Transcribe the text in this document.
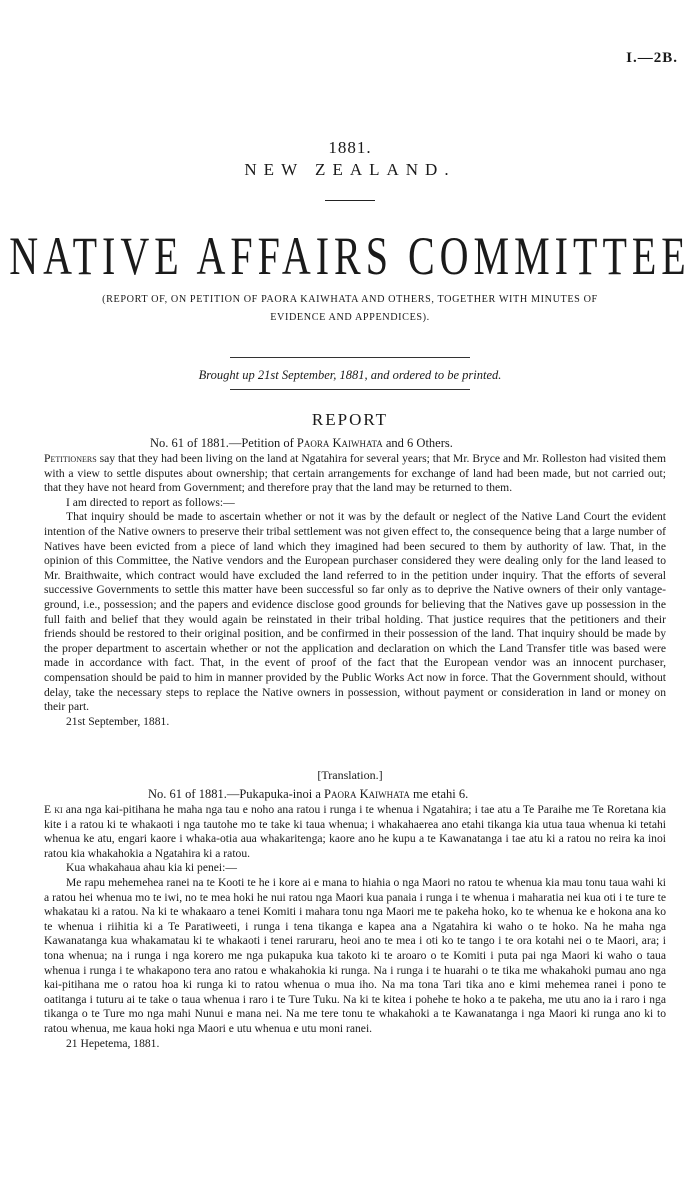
I.—2B.
1881.
NEW ZEALAND.
NATIVE AFFAIRS COMMITTEE
(REPORT OF, ON PETITION OF PAORA KAIWHATA AND OTHERS, TOGETHER WITH MINUTES OF
EVIDENCE AND APPENDICES).
Brought up 21st September, 1881, and ordered to be printed.
REPORT
No. 61 of 1881.—Petition of Paora Kaiwhata and 6 Others.

Petitioners say that they had been living on the land at Ngatahira for several years; that Mr. Bryce and Mr. Rolleston had visited them with a view to settle disputes about ownership; that certain arrangements for exchange of land had been made, but not carried out; that they have not heard from Government; and therefore pray that the land may be returned to them.

I am directed to report as follows:—

That inquiry should be made to ascertain whether or not it was by the default or neglect of the Native Land Court the evident intention of the Native owners to preserve their tribal settlement was not given effect to, the consequence being that a large number of Natives have been evicted from a piece of land which they imagined had been secured to them by authority of law. That, in the opinion of this Committee, the Native vendors and the European purchaser considered they were dealing only for the land leased to Mr. Braithwaite, which contract would have excluded the land referred to in the petition under inquiry. That the efforts of several successive Governments to settle this matter have been successful so far only as to deprive the Native owners of their only vantage-ground, i.e., possession; and the papers and evidence disclose good grounds for believing that the Natives gave up possession in the full faith and belief that they would again be reinstated in their tribal holding. That justice requires that the petitioners and their friends should be restored to their original position, and be confirmed in their possession of the land. That inquiry should be made by the proper department to ascertain whether or not the application and declaration on which the Land Transfer title was based were made in accordance with fact. That, in the event of proof of the fact that the European vendor was an innocent purchaser, compensation should be paid to him in manner provided by the Public Works Act now in force. That the Government should, without delay, take the necessary steps to replace the Native owners in possession, without payment or consideration in land or money on their part.

21st September, 1881.

[Translation.]
No. 61 of 1881.—Pukapuka-inoi a Paora Kaiwhata me etahi 6.

E ki ana nga kai-pitihana he maha nga tau e noho ana ratou i runga i te whenua i Ngatahira; i tae atu a Te Paraihe me Te Roretana kia kite i a ratou ki te whakaoti i nga tautohe mo te take ki taua whenua; i whakahaerea ano etahi tikanga kia utua taua whenua ki tetahi whenua ke atu, engari kaore i whaka-otia aua whakaritenga; kaore ano he kupu a te Kawanatanga i tae atu ki a ratou no reira ka inoi ratou kia whakahokia a Ngatahira ki a ratou.

Kua whakahaua ahau kia ki penei:—

Me rapu mehemehea ranei na te Kooti te he i kore ai e mana to hiahia o nga Maori no ratou te whenua kia mau tonu taua wahi ki a ratou hei whenua mo te iwi, no te mea hoki he nui ratou nga Maori kua panaia i runga i te whenua i maharatia nei kua oti i te ture te whakatau ki a ratou. Na ki te whakaaro a tenei Komiti i mahara tonu nga Maori me te pakeha hoko, ko te whenua ke e hokona ana ko te whenua i riihitia ki a Te Paratiweeti, i runga i tena tikanga e kapea ana a Ngatahira ki waho o te hoko. Na he maha nga Kawanatanga kua whakamatau ki te whakaoti i tenei raruraru, heoi ano te mea i oti ko te tango i te ora kotahi nei o te Maori, ara; i tona whenua; na i runga i nga korero me nga pukapuka kua takoto ki te aroaro o te Komiti i puta pai nga Maori ki waho o taua whenua i runga i te whakapono tera ano ratou e whakahokia ki runga. Na i runga i te huarahi o te tika me whakahoki pumau ano nga kai-pitihana me o ratou hoa ki runga ki to ratou whenua o mua iho. Na ma tona Tari tika ano e kimi mehemea ranei i pono te oatitanga i tuturu ai te take o taua whenua i raro i te Ture Tuku. Na ki te kitea i pohehe te hoko a te pakeha, me utu ano ia i raro i nga tikanga o te Ture mo nga mahi Nunui e mana nei. Na me tere tonu te whakahoki a te Kawanatanga i nga Maori ki runga ano ki to ratou whenua, me kaua hoki nga Maori e utu whenua e utu moni ranei.

21 Hepetema, 1881.
